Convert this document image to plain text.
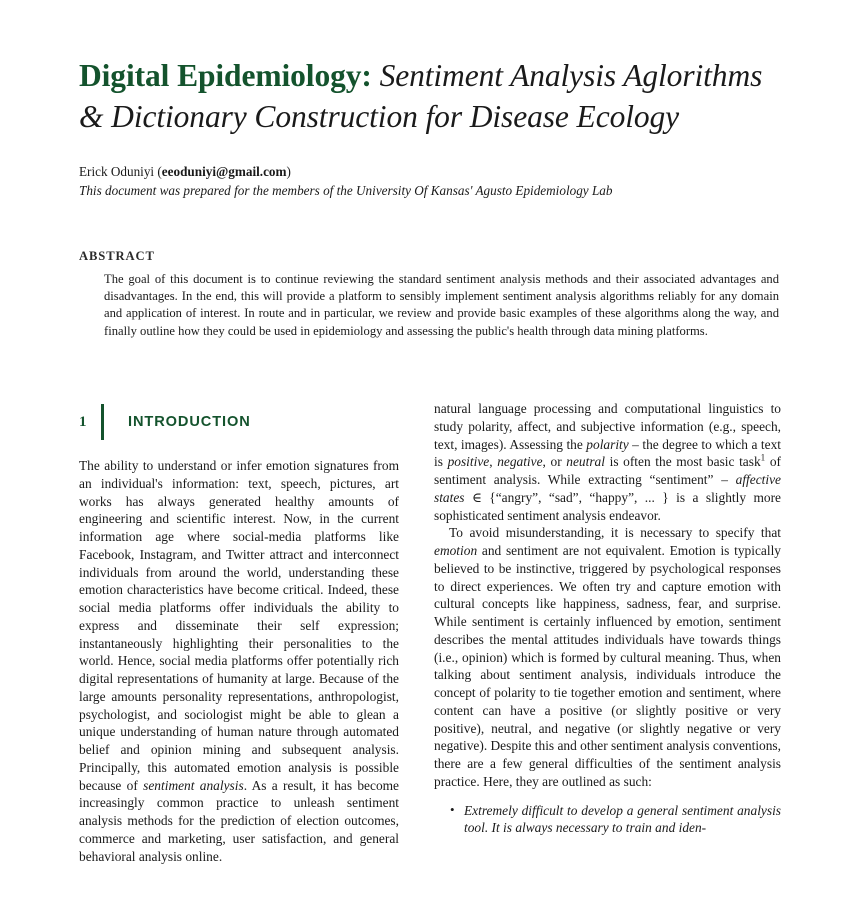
Digital Epidemiology: Sentiment Analysis Aglorithms & Dictionary Construction for Disease Ecology
Erick Oduniyi (eeoduniyi@gmail.com)
This document was prepared for the members of the University Of Kansas' Agusto Epidemiology Lab
ABSTRACT

The goal of this document is to continue reviewing the standard sentiment analysis methods and their associated advantages and disadvantages. In the end, this will provide a platform to sensibly implement sentiment analysis algorithms reliably for any domain and application of interest. In route and in particular, we review and provide basic examples of these algorithms along the way, and finally outline how they could be used in epidemiology and assessing the public's health through data mining platforms.

1	INTRODUCTION

The ability to understand or infer emotion signatures from an individual's information: text, speech, pictures, art works has always generated healthy amounts of engineering and scientific interest. Now, in the current information age where social-media platforms like Facebook, Instagram, and Twitter attract and interconnect individuals from around the world, understanding these emotion characteristics have become critical. Indeed, these social media platforms offer individuals the ability to express and disseminate their self expression; instantaneously highlighting their personalities to the world. Hence, social media platforms offer potentially rich digital representations of humanity at large. Because of the large amounts personality representations, anthropologist, psychologist, and sociologist might be able to glean a unique understanding of human nature through automated belief and opinion mining and subsequent analysis. Principally, this automated emotion analysis is possible because of sentiment analysis. As a result, it has become increasingly common practice to unleash sentiment analysis methods for the prediction of election outcomes, commerce and marketing, user satisfaction, and general behavioral analysis online.

natural language processing and computational linguistics to study polarity, affect, and subjective information (e.g., speech, text, images). Assessing the polarity – the degree to which a text is positive, negative, or neutral is often the most basic task$^1$ of sentiment analysis. While extracting “sentiment” – affective states ∈ {“angry”, “sad”, “happy”, ... } is a slightly more sophisticated sentiment analysis endeavor.

To avoid misunderstanding, it is necessary to specify that emotion and sentiment are not equivalent. Emotion is typically believed to be instinctive, triggered by psychological responses to direct experiences. We often try and capture emotion with cultural concepts like happiness, sadness, fear, and surprise. While sentiment is certainly influenced by emotion, sentiment describes the mental attitudes individuals have towards things (i.e., opinion) which is formed by cultural meaning. Thus, when talking about sentiment analysis, individuals introduce the concept of polarity to tie together emotion and sentiment, where content can have a positive (or slightly positive or very positive), neutral, and negative (or slightly negative or very negative). Despite this and other sentiment analysis conventions, there are a few general difficulties of the sentiment analysis practice. Here, they are outlined as such:

• Extremely difficult to develop a general sentiment analysis tool. It is always necessary to train and iden-
